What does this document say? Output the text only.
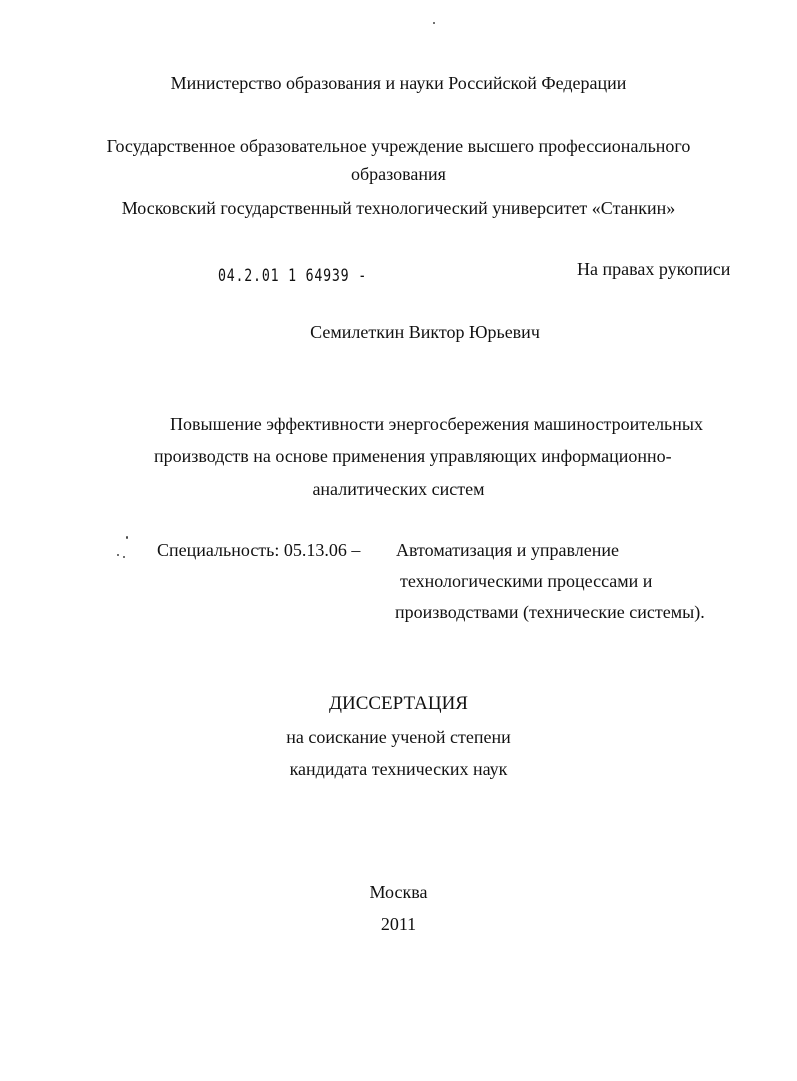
Министерство образования и науки Российской Федерации
Государственное образовательное учреждение высшего профессионального
образования
Московский государственный технологический университет «Станкин»
04.2.01 1 64939 -	На правах рукописи
Семилеткин Виктор Юрьевич
Повышение эффективности энергосбережения машиностроительных
производств на основе применения управляющих информационно-
аналитических систем
Специальность: 05.13.06 – Автоматизация и управление
технологическими процессами и
производствами (технические системы).
ДИССЕРТАЦИЯ
на соискание ученой степени
кандидата технических наук
Москва
2011
